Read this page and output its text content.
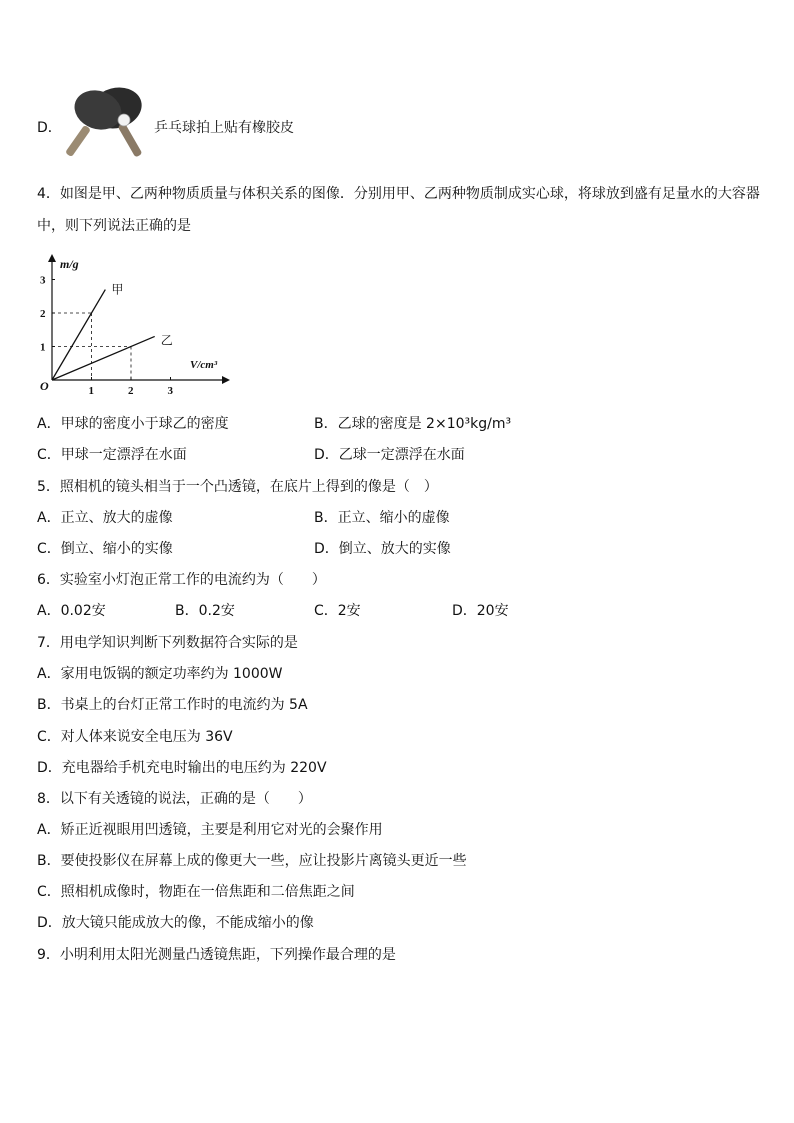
D．	乒乓球拍上贴有橡胶皮
4．如图是甲、乙两种物质质量与体积关系的图像．分别用甲、乙两种物质制成实心球，将球放到盛有足量水的大容器
中，则下列说法正确的是
m/g
V/cm³
O	1	2	3
1
2
3
甲
乙
A．甲球的密度小于球乙的密度	B．乙球的密度是 2×10³kg/m³
C．甲球一定漂浮在水面	D．乙球一定漂浮在水面
5．照相机的镜头相当于一个凸透镜，在底片上得到的像是（　）
A．正立、放大的虚像	B．正立、缩小的虚像
C．倒立、缩小的实像	D．倒立、放大的实像
6．实验室小灯泡正常工作的电流约为（　　）
A．0.02安	B．0.2安	C．2安	D．20安
7．用电学知识判断下列数据符合实际的是
A．家用电饭锅的额定功率约为 1000W
B．书桌上的台灯正常工作时的电流约为 5A
C．对人体来说安全电压为 36V
D．充电器给手机充电时输出的电压约为 220V
8．以下有关透镜的说法，正确的是（　　）
A．矫正近视眼用凹透镜，主要是利用它对光的会聚作用
B．要使投影仪在屏幕上成的像更大一些，应让投影片离镜头更近一些
C．照相机成像时，物距在一倍焦距和二倍焦距之间
D．放大镜只能成放大的像，不能成缩小的像
9．小明利用太阳光测量凸透镜焦距，下列操作最合理的是
